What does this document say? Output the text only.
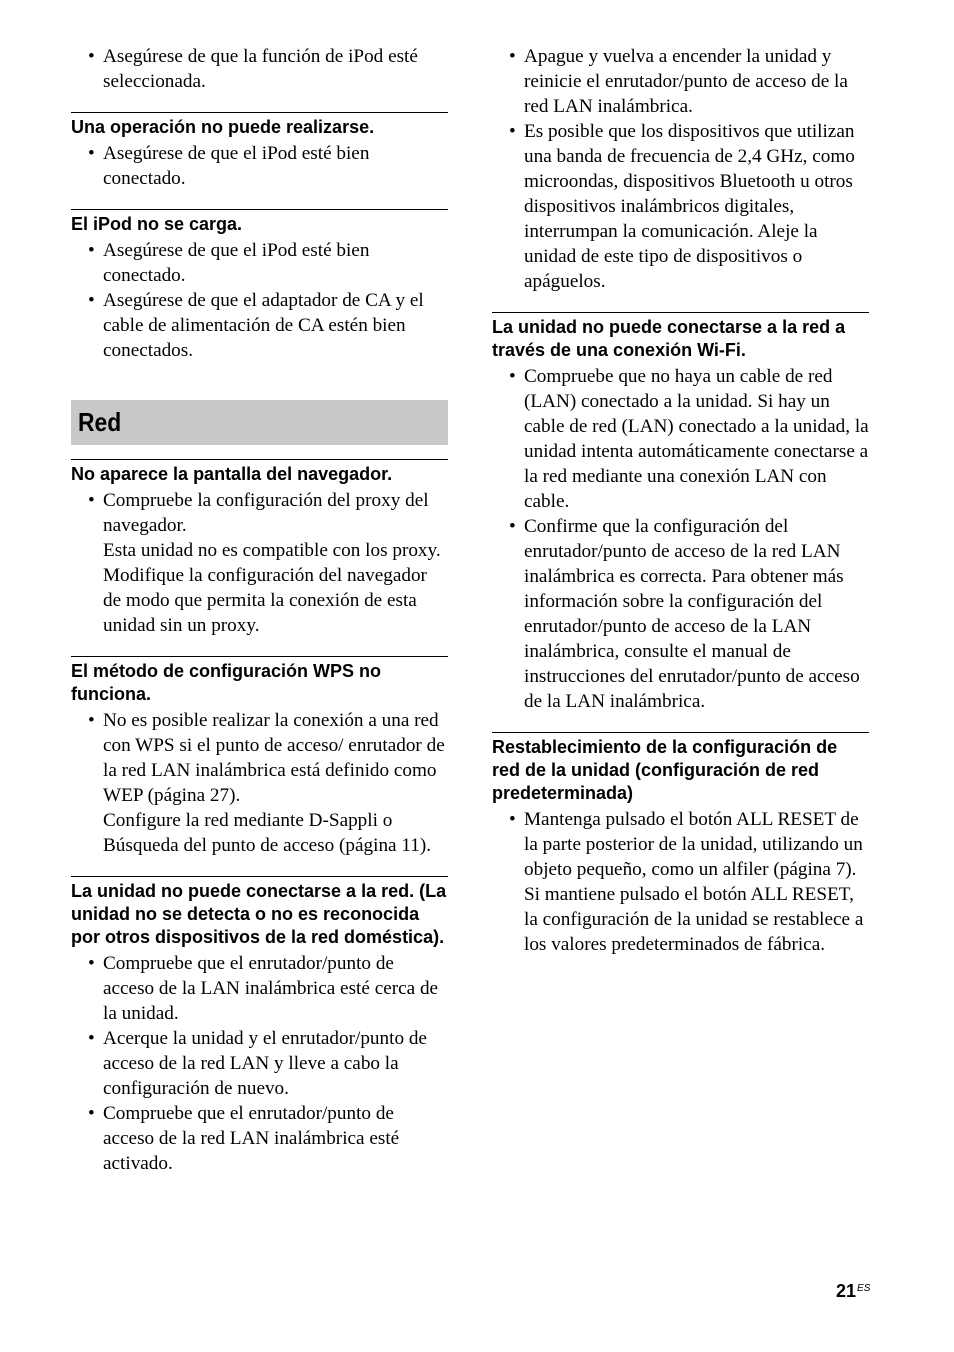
• Asegúrese de que la función de iPod esté seleccionada.
Una operación no puede realizarse.
• Asegúrese de que el iPod esté bien conectado.
El iPod no se carga.
• Asegúrese de que el iPod esté bien conectado.
• Asegúrese de que el adaptador de CA y el cable de alimentación de CA estén bien conectados.
Red
No aparece la pantalla del navegador.
• Compruebe la configuración del proxy del navegador.
Esta unidad no es compatible con los proxy. Modifique la configuración del navegador de modo que permita la conexión de esta unidad sin un proxy.
El método de configuración WPS no funciona.
• No es posible realizar la conexión a una red con WPS si el punto de acceso/ enrutador de la red LAN inalámbrica está definido como WEP (página 27).
Configure la red mediante D-Sappli o Búsqueda del punto de acceso (página 11).
La unidad no puede conectarse a la red. (La unidad no se detecta o no es reconocida por otros dispositivos de la red doméstica).
• Compruebe que el enrutador/punto de acceso de la LAN inalámbrica esté cerca de la unidad.
• Acerque la unidad y el enrutador/punto de acceso de la red LAN y lleve a cabo la configuración de nuevo.
• Compruebe que el enrutador/punto de acceso de la red LAN inalámbrica esté activado.
• Apague y vuelva a encender la unidad y reinicie el enrutador/punto de acceso de la red LAN inalámbrica.
• Es posible que los dispositivos que utilizan una banda de frecuencia de 2,4 GHz, como microondas, dispositivos Bluetooth u otros dispositivos inalámbricos digitales, interrumpan la comunicación. Aleje la unidad de este tipo de dispositivos o apáguelos.
La unidad no puede conectarse a la red a través de una conexión Wi-Fi.
• Compruebe que no haya un cable de red (LAN) conectado a la unidad. Si hay un cable de red (LAN) conectado a la unidad, la unidad intenta automáticamente conectarse a la red mediante una conexión LAN con cable.
• Confirme que la configuración del enrutador/punto de acceso de la red LAN inalámbrica es correcta. Para obtener más información sobre la configuración del enrutador/punto de acceso de la LAN inalámbrica, consulte el manual de instrucciones del enrutador/punto de acceso de la LAN inalámbrica.
Restablecimiento de la configuración de red de la unidad (configuración de red predeterminada)
• Mantenga pulsado el botón ALL RESET de la parte posterior de la unidad, utilizando un objeto pequeño, como un alfiler (página 7).
Si mantiene pulsado el botón ALL RESET, la configuración de la unidad se restablece a los valores predeterminados de fábrica.
$21^{ES}$
